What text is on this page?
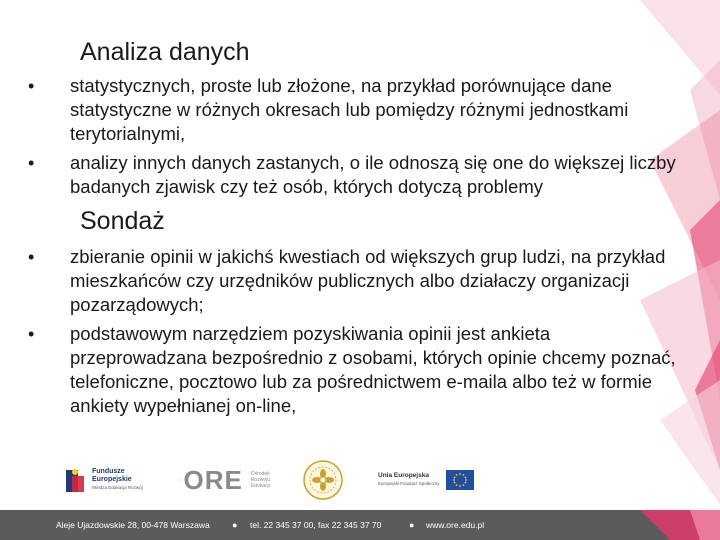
Analiza danych
• statystycznych, proste lub złożone, na przykład porównujące dane statystyczne w różnych okresach lub pomiędzy różnymi jednostkami terytorialnymi,
• analizy innych danych zastanych, o ile odnoszą się one do większej liczby badanych zjawisk czy też osób, których dotyczą problemy
Sondaż
• zbieranie opinii w jakichś kwestiach od większych grup ludzi, na przykład mieszkańców czy urzędników publicznych albo działaczy organizacji pozarządowych;
• podstawowym narzędziem pozyskiwania opinii jest ankieta przeprowadzana bezpośrednio z osobami, których opinie chcemy poznać, telefoniczne, pocztowo lub za pośrednictwem e-maila albo też w formie ankiety wypełnianej on-line,
Fundusze
Europejskie
Wiedza Edukacja Rozwój ORE Ośrodek
Rozwoju
Edukacji
Unia Europejska
Europejski Fundusz Społeczny
Aleje Ujazdowskie 28, 00-478 Warszawa ● tel. 22 345 37 00, fax 22 345 37 70	● www.ore.edu.pl
